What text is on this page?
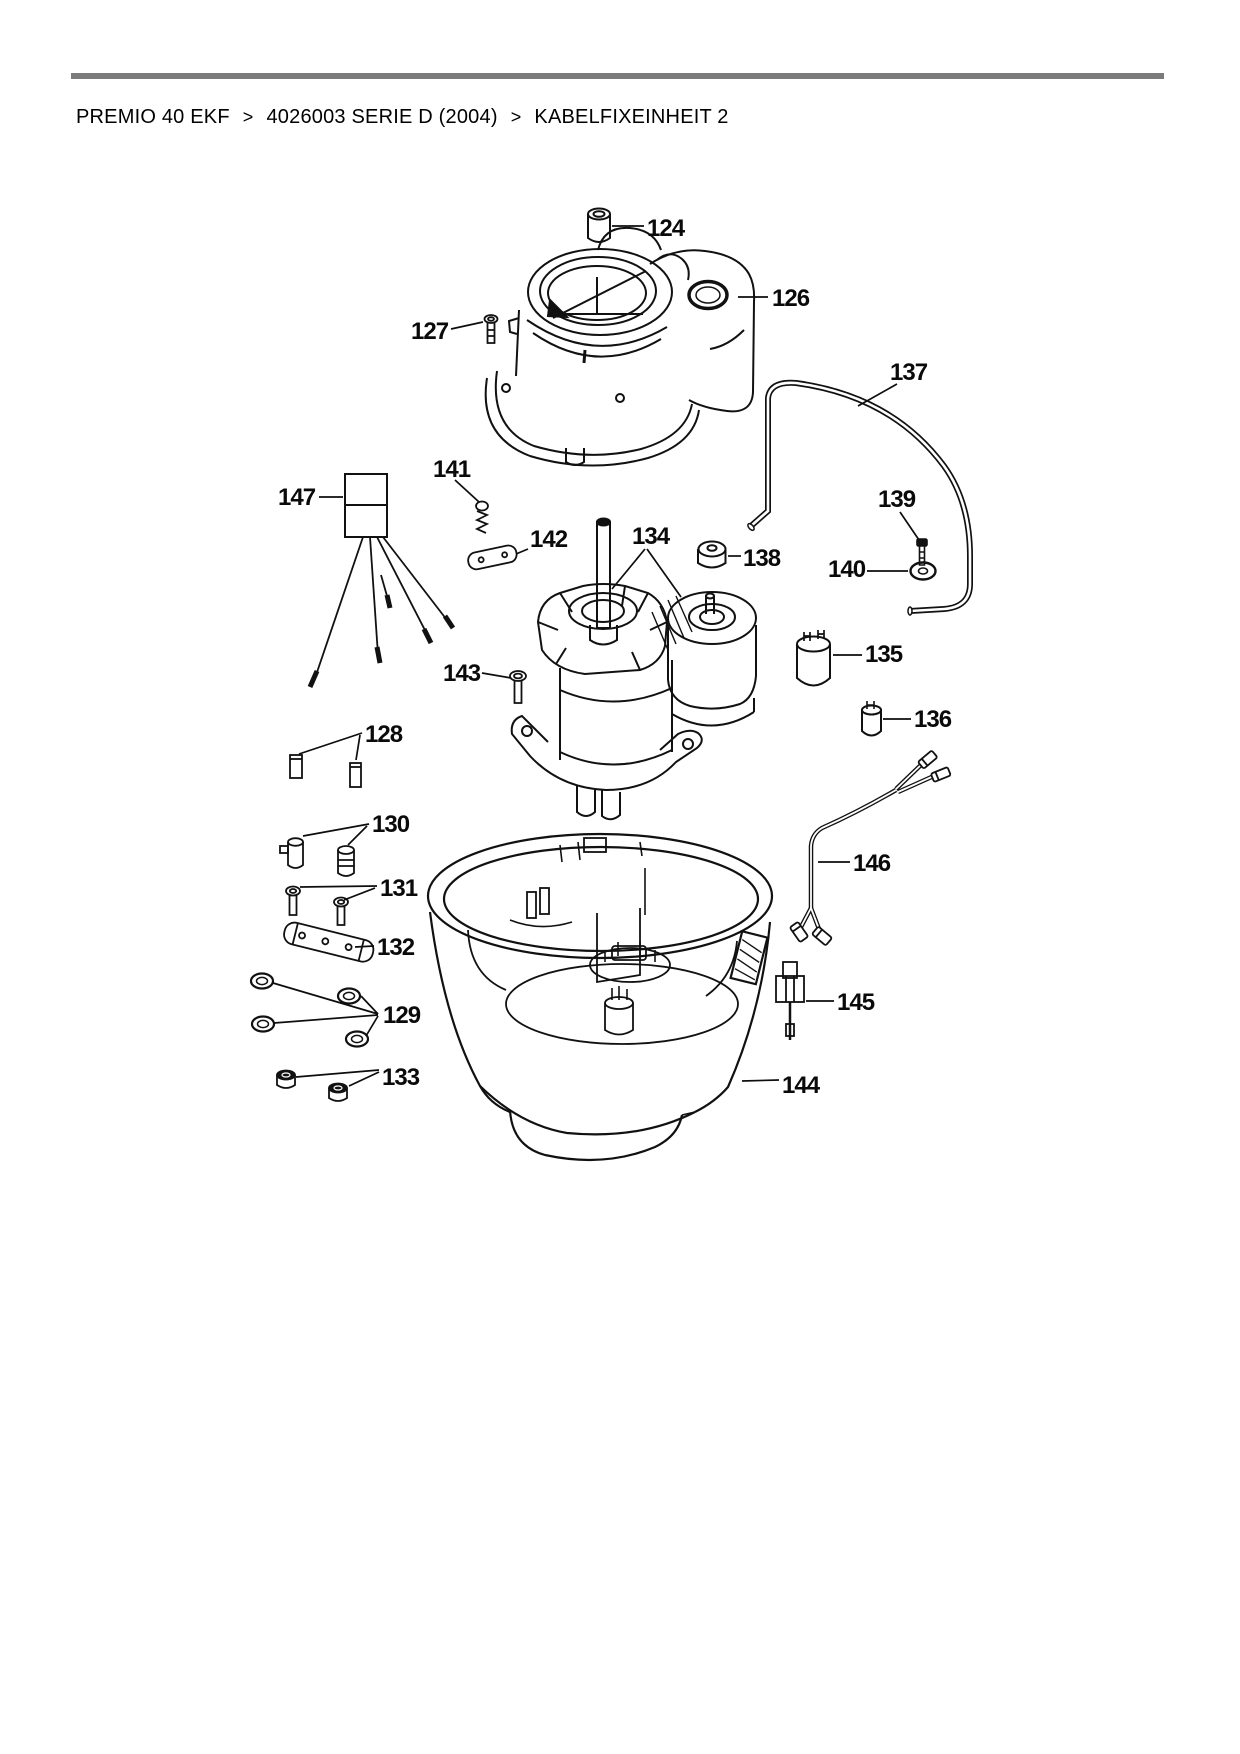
PREMIO 40 EKF > 4026003 SERIE D (2004) > KABELFIXEINHEIT 2
124
126
127
137
141
147	139
134
142
138 140
135
143
136
128
130
146
131
132
145
129
133	144
